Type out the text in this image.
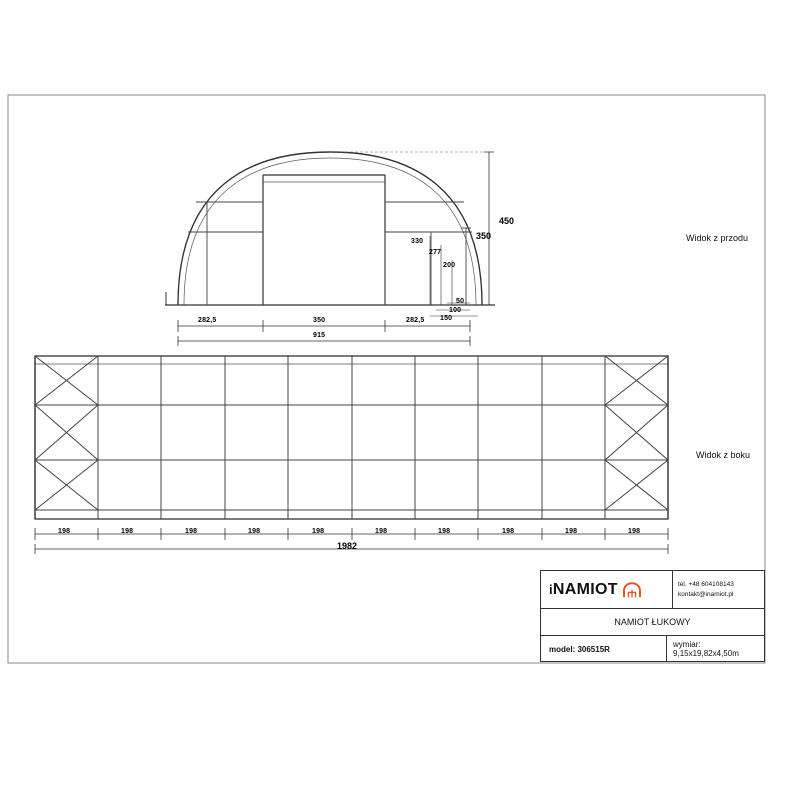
282,5	350	282,5
915
450
350
330
277
200
50
100
150
198	198	198	198	198	198	198	198	198	198
1982
Widok z przodu
Widok z boku
iNAMIOT	tel. +48 604108143
kontakt@inamiot.pl
NAMIOT ŁUKOWY
model: 306515R	wymiar: 9,15x19,82x4,50m
